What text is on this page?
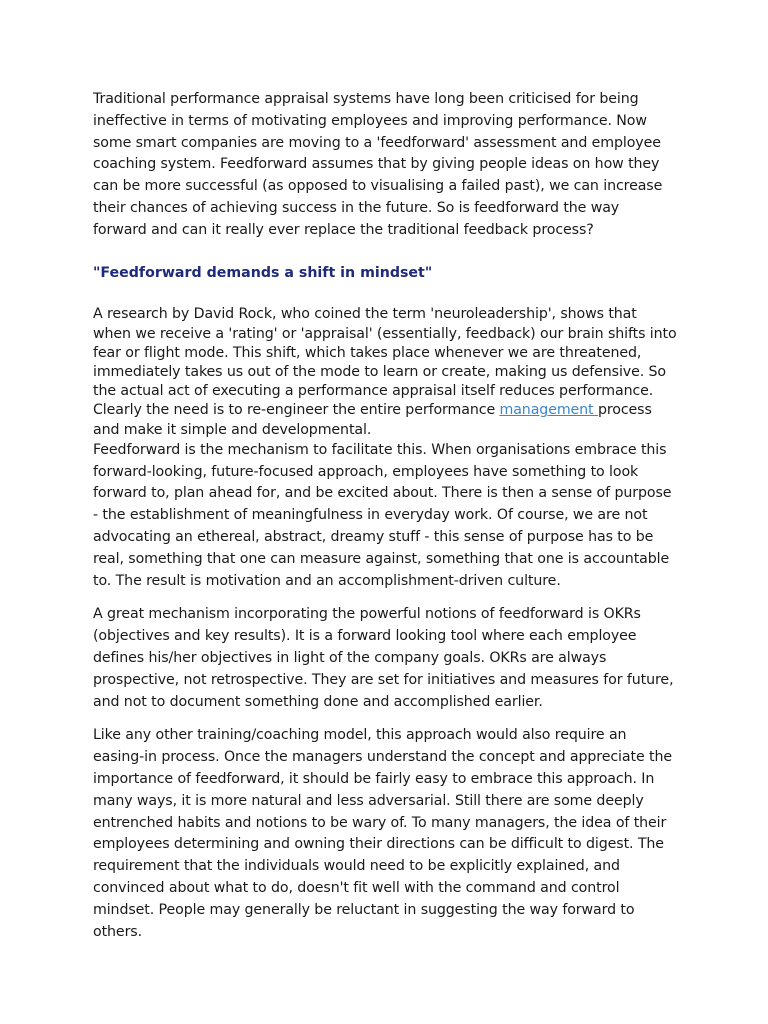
Traditional performance appraisal systems have long been criticised for being ineffective in terms of motivating employees and improving performance. Now some smart companies are moving to a 'feedforward' assessment and employee coaching system. Feedforward assumes that by giving people ideas on how they can be more successful (as opposed to visualising a failed past), we can increase their chances of achieving success in the future. So is feedforward the way forward and can it really ever replace the traditional feedback process?

"Feedforward demands a shift in mindset"

A research by David Rock, who coined the term 'neuroleadership', shows that when we receive a 'rating' or 'appraisal' (essentially, feedback) our brain shifts into fear or flight mode. This shift, which takes place whenever we are threatened, immediately takes us out of the mode to learn or create, making us defensive. So the actual act of executing a performance appraisal itself reduces performance. Clearly the need is to re-engineer the entire performance management process and make it simple and developmental.

Feedforward is the mechanism to facilitate this. When organisations embrace this forward-looking, future-focused approach, employees have something to look forward to, plan ahead for, and be excited about. There is then a sense of purpose - the establishment of meaningfulness in everyday work. Of course, we are not advocating an ethereal, abstract, dreamy stuff - this sense of purpose has to be real, something that one can measure against, something that one is accountable to. The result is motivation and an accomplishment-driven culture.

A great mechanism incorporating the powerful notions of feedforward is OKRs (objectives and key results). It is a forward looking tool where each employee defines his/her objectives in light of the company goals. OKRs are always prospective, not retrospective. They are set for initiatives and measures for future, and not to document something done and accomplished earlier.

Like any other training/coaching model, this approach would also require an easing-in process. Once the managers understand the concept and appreciate the importance of feedforward, it should be fairly easy to embrace this approach. In many ways, it is more natural and less adversarial. Still there are some deeply entrenched habits and notions to be wary of. To many managers, the idea of their employees determining and owning their directions can be difficult to digest. The requirement that the individuals would need to be explicitly explained, and convinced about what to do, doesn't fit well with the command and control mindset. People may generally be reluctant in suggesting the way forward to others.
